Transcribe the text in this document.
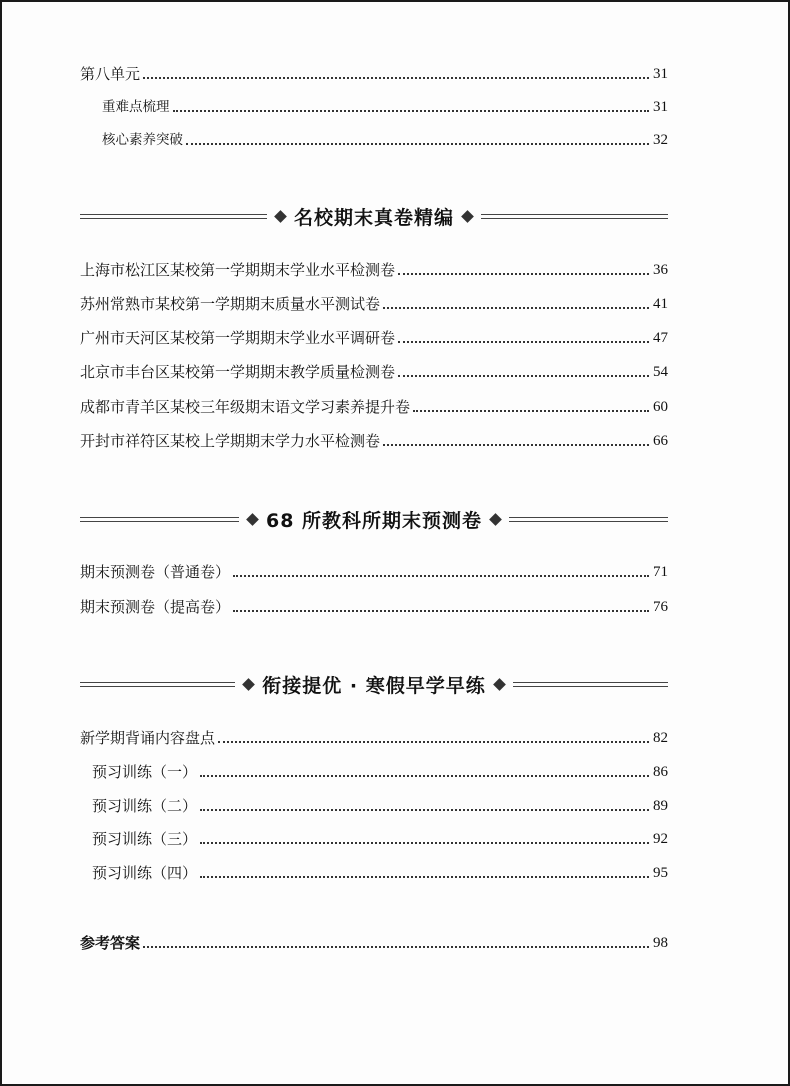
第八单元	31
重难点梳理	31
核心素养突破	32
名校期末真卷精编
上海市松江区某校第一学期期末学业水平检测卷	36
苏州常熟市某校第一学期期末质量水平测试卷	41
广州市天河区某校第一学期期末学业水平调研卷	47
北京市丰台区某校第一学期期末教学质量检测卷	54
成都市青羊区某校三年级期末语文学习素养提升卷	60
开封市祥符区某校上学期期末学力水平检测卷	66
68 所教科所期末预测卷
期末预测卷（普通卷）	71
期末预测卷（提高卷）	76
衔接提优 · 寒假早学早练
新学期背诵内容盘点	82
预习训练（一）	86
预习训练（二）	89
预习训练（三）	92
预习训练（四）	95
参考答案	98
